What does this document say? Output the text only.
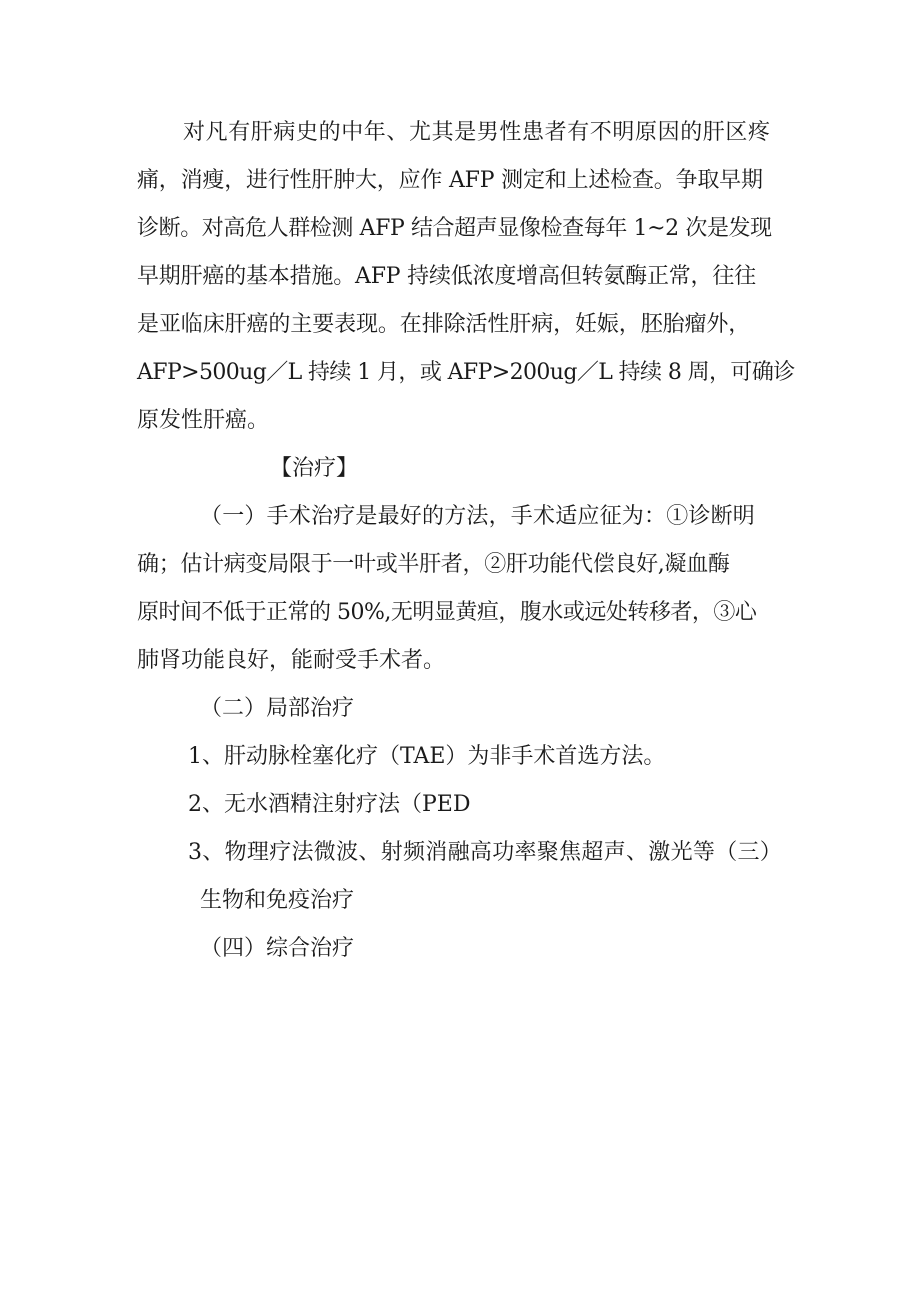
对凡有肝病史的中年、尤其是男性患者有不明原因的肝区疼
痛，消瘦，进行性肝肿大，应作 AFP 测定和上述检查。争取早期
诊断。对高危人群检测 AFP 结合超声显像检查每年 1~2 次是发现
早期肝癌的基本措施。AFP 持续低浓度增高但转氨酶正常，往往
是亚临床肝癌的主要表现。在排除活性肝病，妊娠，胚胎瘤外，
AFP>500ug／L 持续 1 月，或 AFP>200ug／L 持续 8 周，可确诊
原发性肝癌。
【治疗】
（一）手术治疗是最好的方法，手术适应征为：①诊断明
确；估计病变局限于一叶或半肝者，②肝功能代偿良好,凝血酶
原时间不低于正常的 50%,无明显黄疸，腹水或远处转移者，③心
肺肾功能良好，能耐受手术者。
（二）局部治疗
1、肝动脉栓塞化疗（TAE）为非手术首选方法。
2、无水酒精注射疗法（PED
3、物理疗法微波、射频消融高功率聚焦超声、激光等（三）
生物和免疫治疗
（四）综合治疗
